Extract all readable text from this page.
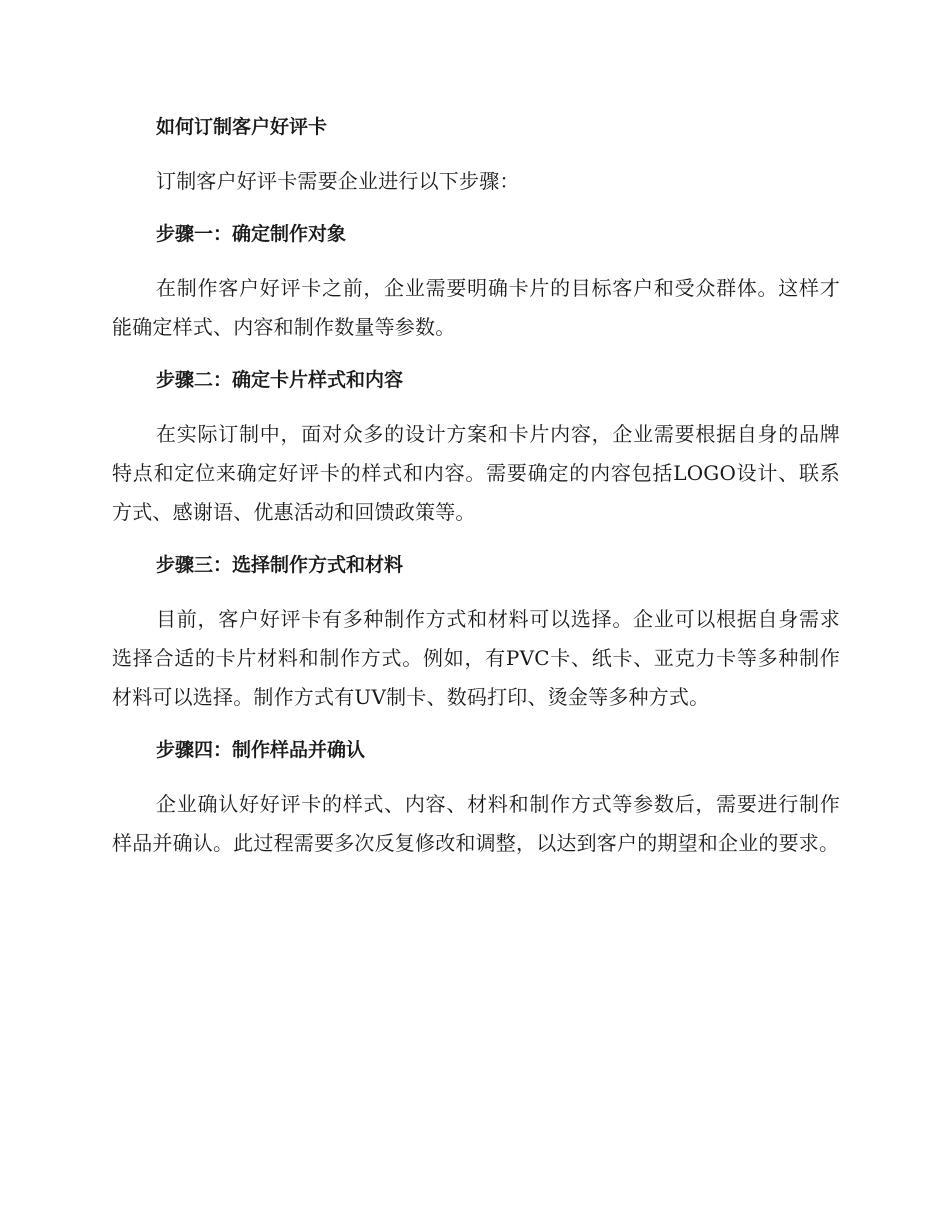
如何订制客户好评卡
订制客户好评卡需要企业进行以下步骤：
步骤一：确定制作对象
在制作客户好评卡之前，企业需要明确卡片的目标客户和受众群体。这样才能确定样式、内容和制作数量等参数。
步骤二：确定卡片样式和内容
在实际订制中，面对众多的设计方案和卡片内容，企业需要根据自身的品牌特点和定位来确定好评卡的样式和内容。需要确定的内容包括LOGO设计、联系方式、感谢语、优惠活动和回馈政策等。
步骤三：选择制作方式和材料
目前，客户好评卡有多种制作方式和材料可以选择。企业可以根据自身需求选择合适的卡片材料和制作方式。例如，有PVC卡、纸卡、亚克力卡等多种制作材料可以选择。制作方式有UV制卡、数码打印、烫金等多种方式。
步骤四：制作样品并确认
企业确认好好评卡的样式、内容、材料和制作方式等参数后，需要进行制作样品并确认。此过程需要多次反复修改和调整，以达到客户的期望和企业的要求。
